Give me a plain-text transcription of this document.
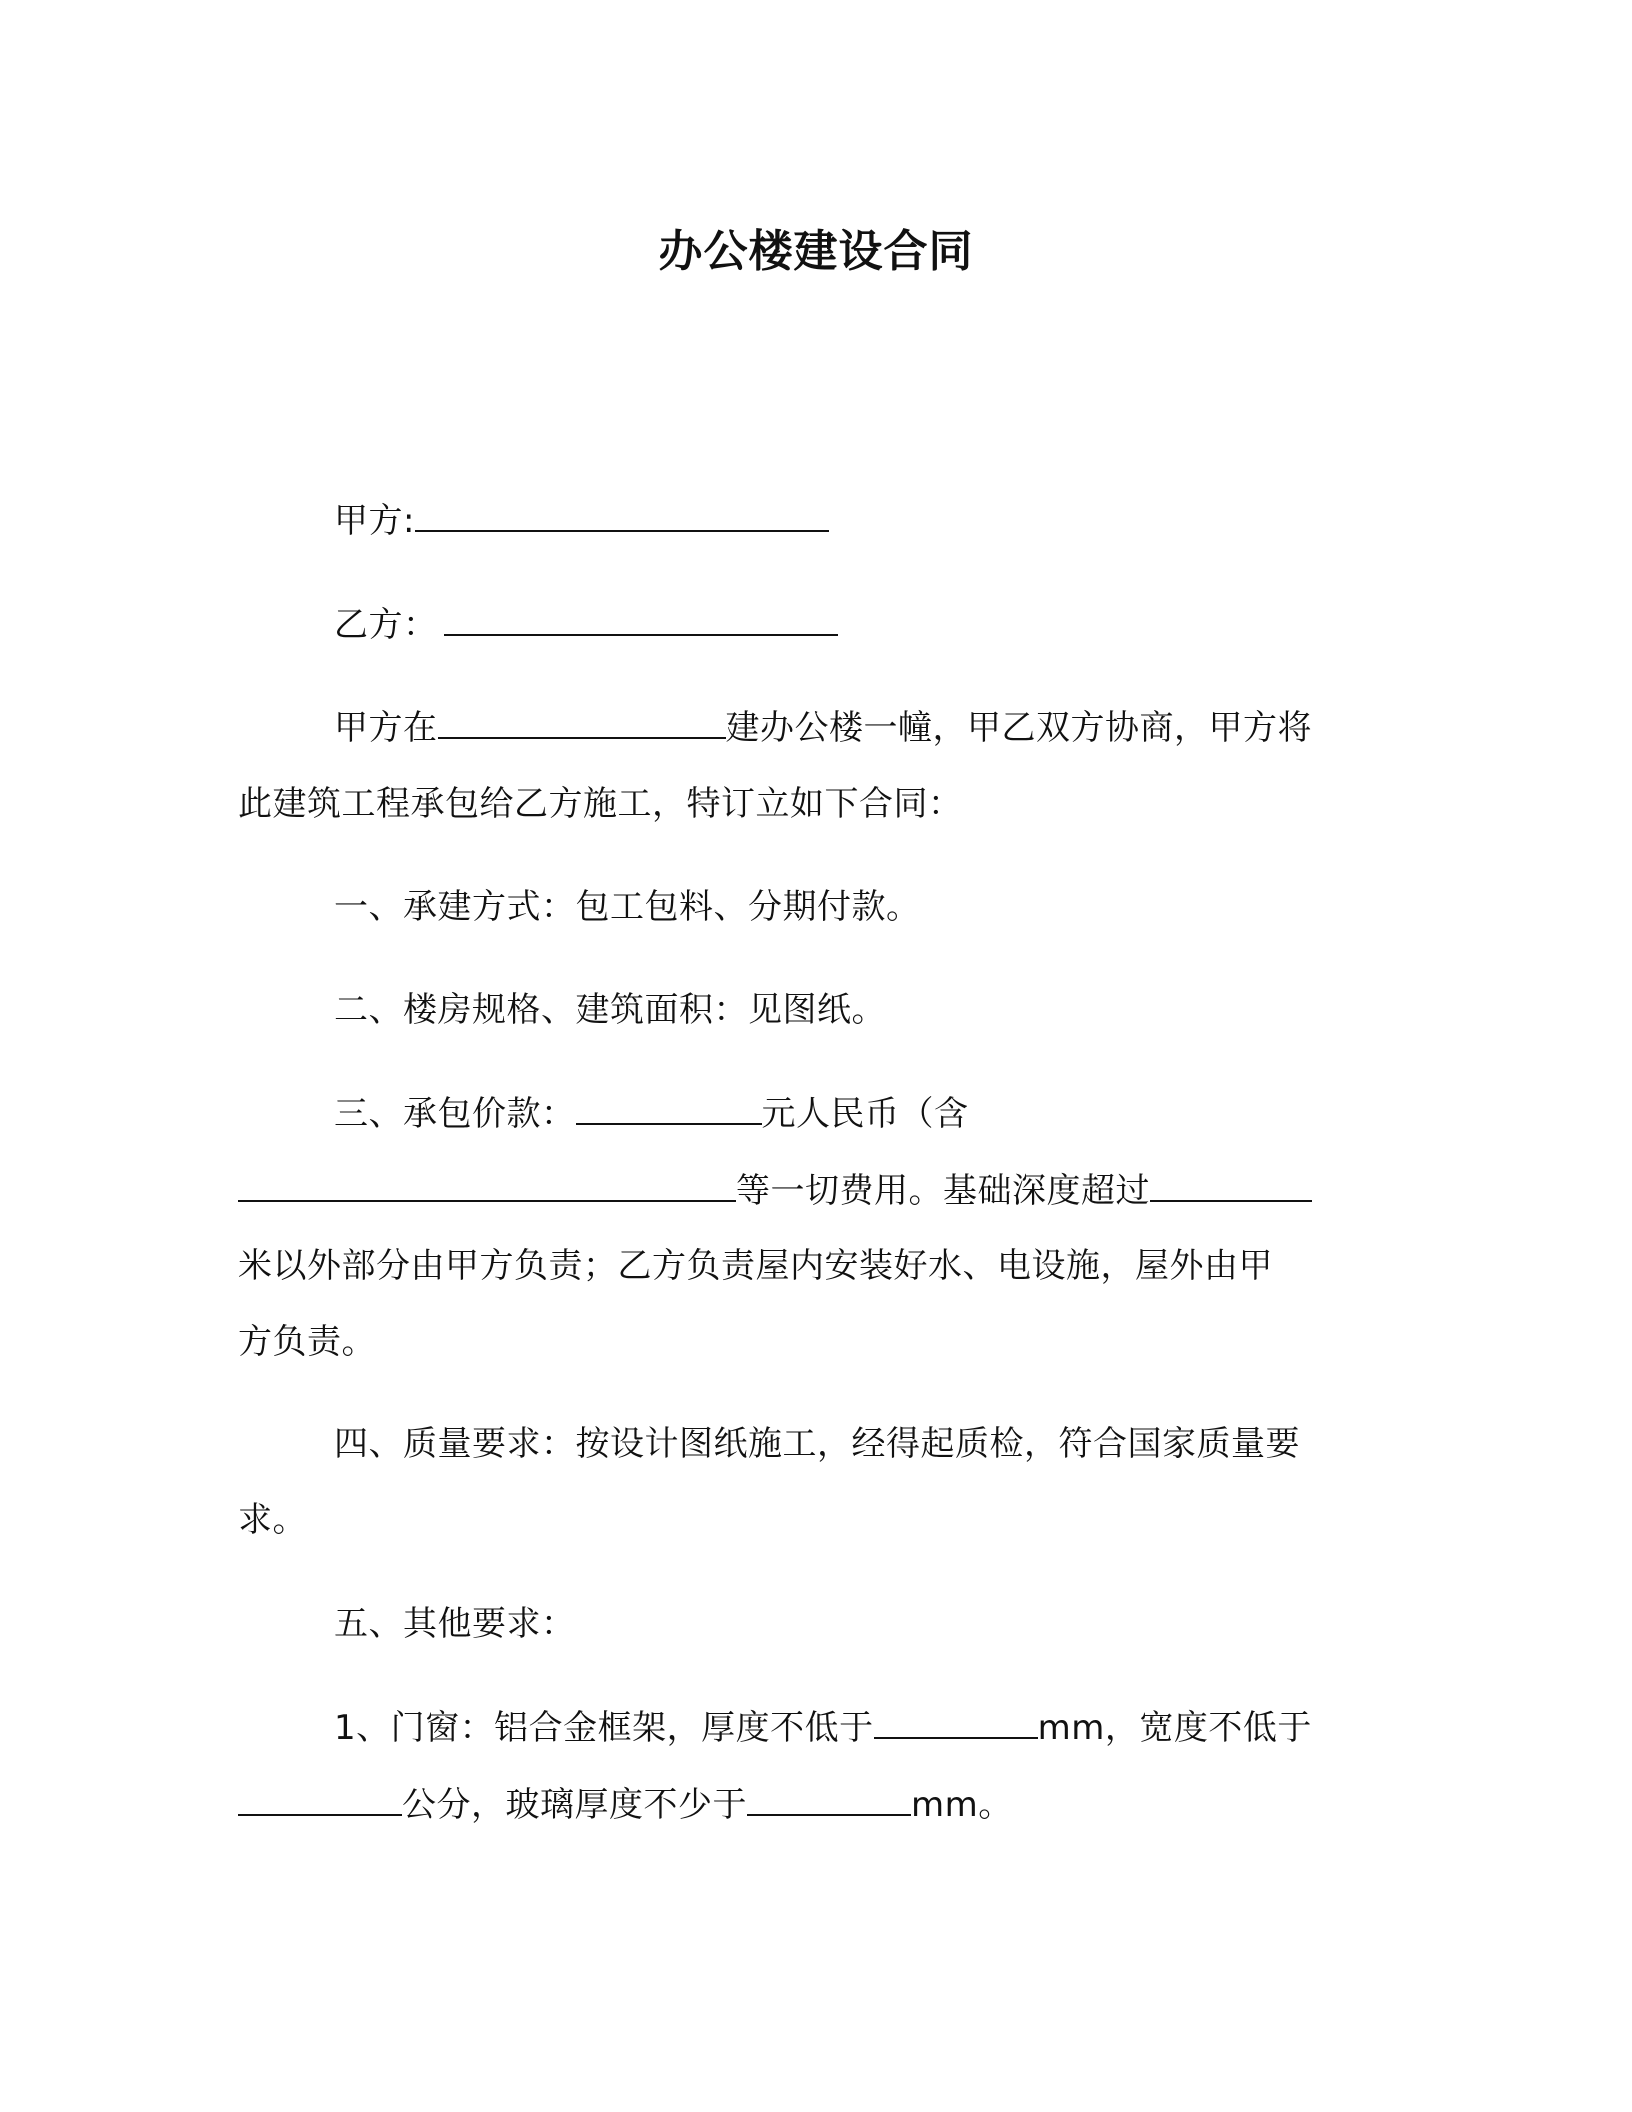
办公楼建设合同
甲方:
乙方：
甲方在	建办公楼一幢，甲乙双方协商，甲方将
此建筑工程承包给乙方施工，特订立如下合同：
一、承建方式：包工包料、分期付款。
二、楼房规格、建筑面积：见图纸。
三、承包价款：	元人民币（含
等一切费用。基础深度超过
米以外部分由甲方负责；乙方负责屋内安装好水、电设施，屋外由甲
方负责。
四、质量要求：按设计图纸施工，经得起质检，符合国家质量要
求。
五、其他要求：
1、门窗：铝合金框架，厚度不低于	mm，宽度不低于
公分，玻璃厚度不少于	mm。
